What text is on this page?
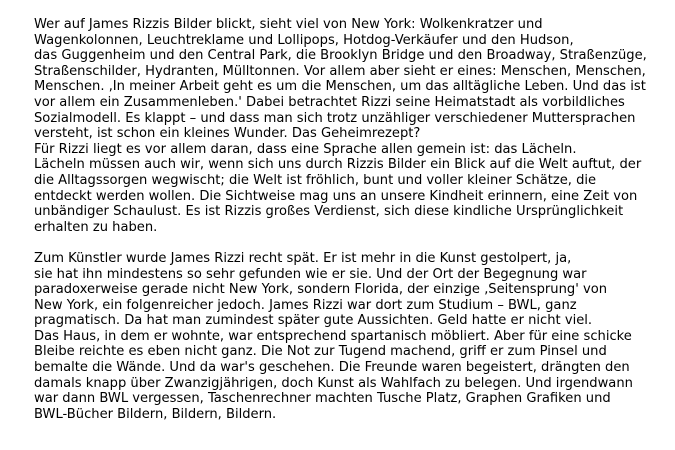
Wer auf James Rizzis Bilder blickt, sieht viel von New York: Wolkenkratzer und
Wagenkolonnen, Leuchtreklame und Lollipops, Hotdog-Verkäufer und den Hudson,
das Guggenheim und den Central Park, die Brooklyn Bridge und den Broadway, Straßenzüge,
Straßenschilder, Hydranten, Mülltonnen. Vor allem aber sieht er eines: Menschen, Menschen,
Menschen. ‚In meiner Arbeit geht es um die Menschen, um das alltägliche Leben. Und das ist
vor allem ein Zusammenleben.' Dabei betrachtet Rizzi seine Heimatstadt als vorbildliches
Sozialmodell. Es klappt – und dass man sich trotz unzähliger verschiedener Muttersprachen
versteht, ist schon ein kleines Wunder. Das Geheimrezept?
Für Rizzi liegt es vor allem daran, dass eine Sprache allen gemein ist: das Lächeln.
Lächeln müssen auch wir, wenn sich uns durch Rizzis Bilder ein Blick auf die Welt auftut, der
die Alltagssorgen wegwischt; die Welt ist fröhlich, bunt und voller kleiner Schätze, die
entdeckt werden wollen. Die Sichtweise mag uns an unsere Kindheit erinnern, eine Zeit von
unbändiger Schaulust. Es ist Rizzis großes Verdienst, sich diese kindliche Ursprünglichkeit
erhalten zu haben.
Zum Künstler wurde James Rizzi recht spät. Er ist mehr in die Kunst gestolpert, ja,
sie hat ihn mindestens so sehr gefunden wie er sie. Und der Ort der Begegnung war
paradoxerweise gerade nicht New York, sondern Florida, der einzige ‚Seitensprung' von
New York, ein folgenreicher jedoch. James Rizzi war dort zum Studium – BWL, ganz
pragmatisch. Da hat man zumindest später gute Aussichten. Geld hatte er nicht viel.
Das Haus, in dem er wohnte, war entsprechend spartanisch möbliert. Aber für eine schicke
Bleibe reichte es eben nicht ganz. Die Not zur Tugend machend, griff er zum Pinsel und
bemalte die Wände. Und da war's geschehen. Die Freunde waren begeistert, drängten den
damals knapp über Zwanzigjährigen, doch Kunst als Wahlfach zu belegen. Und irgendwann
war dann BWL vergessen, Taschenrechner machten Tusche Platz, Graphen Grafiken und
BWL-Bücher Bildern, Bildern, Bildern.
